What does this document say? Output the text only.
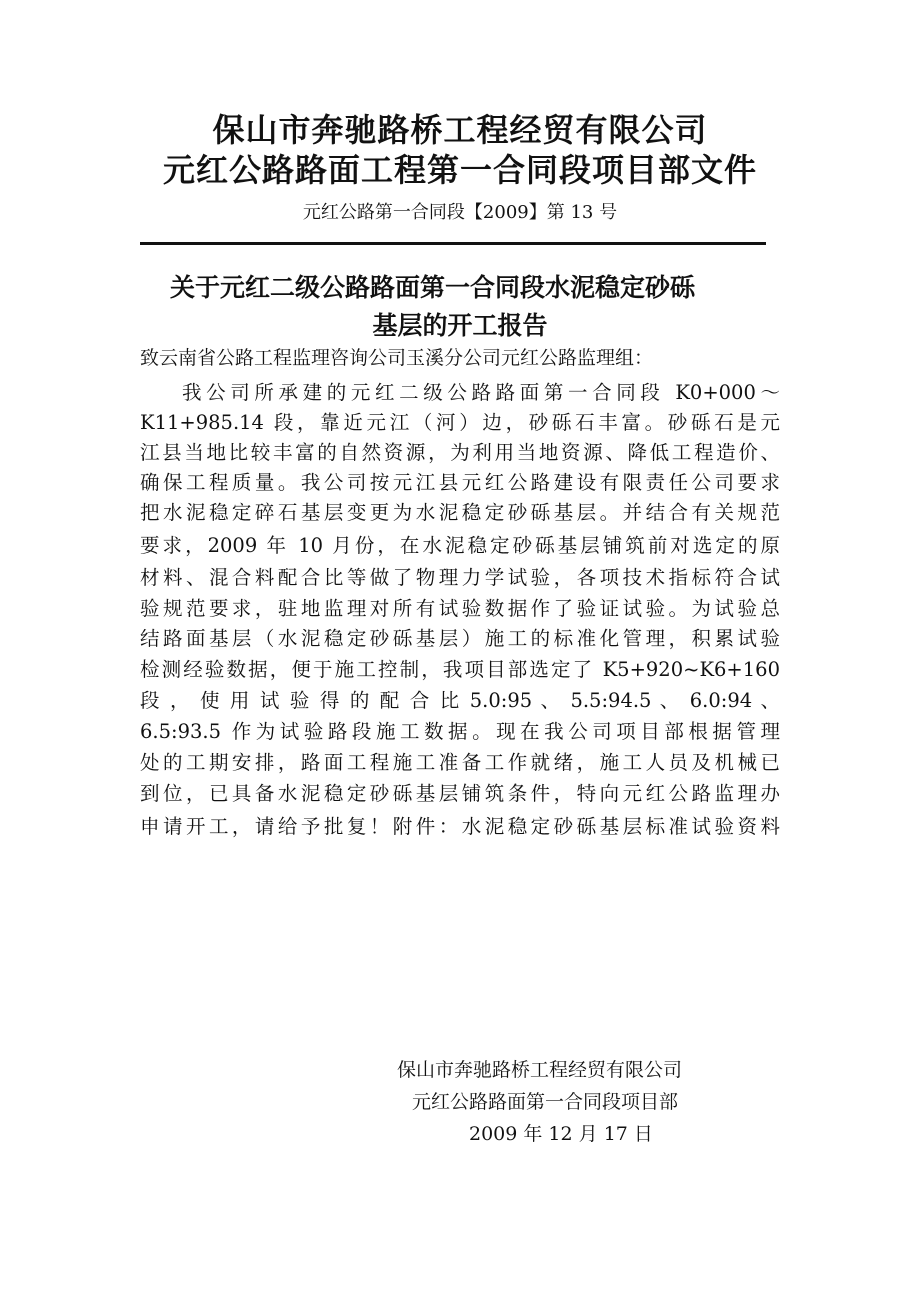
保山市奔驰路桥工程经贸有限公司
元红公路路面工程第一合同段项目部文件
元红公路第一合同段【2009】第 13 号
关于元红二级公路路面第一合同段水泥稳定砂砾
基层的开工报告
致云南省公路工程监理咨询公司玉溪分公司元红公路监理组：
我公司所承建的元红二级公路路面第一合同段 K0+000～
K11+985.14 段，靠近元江（河）边，砂砾石丰富。砂砾石是元
江县当地比较丰富的自然资源，为利用当地资源、降低工程造价、
确保工程质量。我公司按元江县元红公路建设有限责任公司要求
把水泥稳定碎石基层变更为水泥稳定砂砾基层。并结合有关规范
要求，2009 年 10 月份，在水泥稳定砂砾基层铺筑前对选定的原
材料、混合料配合比等做了物理力学试验，各项技术指标符合试
验规范要求，驻地监理对所有试验数据作了验证试验。为试验总
结路面基层（水泥稳定砂砾基层）施工的标准化管理，积累试验
检测经验数据，便于施工控制，我项目部选定了 K5+920~K6+160
段 ， 使 用 试 验 得 的 配 合 比 5.0:95 、 5.5:94.5 、 6.0:94 、
6.5:93.5 作为试验路段施工数据。现在我公司项目部根据管理
处的工期安排，路面工程施工准备工作就绪，施工人员及机械已
到位，已具备水泥稳定砂砾基层铺筑条件，特向元红公路监理办
申请开工，请给予批复！附件：水泥稳定砂砾基层标准试验资料
保山市奔驰路桥工程经贸有限公司
元红公路路面第一合同段项目部
2009 年 12 月 17 日
